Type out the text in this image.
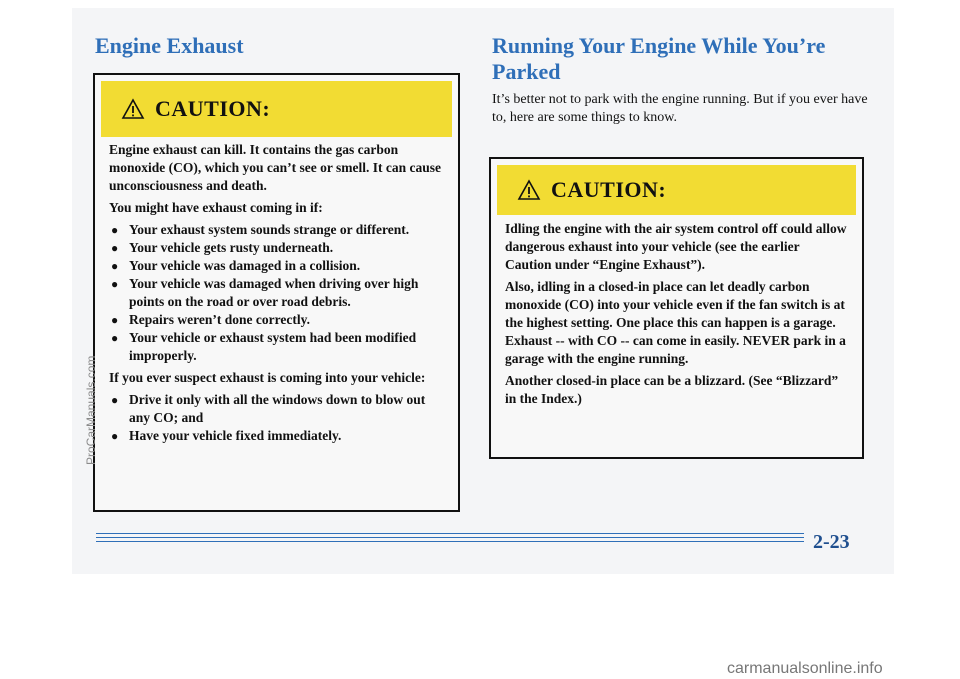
Engine Exhaust
CAUTION:

Engine exhaust can kill. It contains the gas carbon monoxide (CO), which you can’t see or smell. It can cause unconsciousness and death.

You might have exhaust coming in if:

● Your exhaust system sounds strange or different.
● Your vehicle gets rusty underneath.
● Your vehicle was damaged in a collision.
● Your vehicle was damaged when driving over high points on the road or over road debris.
● Repairs weren’t done correctly.
● Your vehicle or exhaust system had been modified improperly.

If you ever suspect exhaust is coming into your vehicle:

● Drive it only with all the windows down to blow out any CO; and
● Have your vehicle fixed immediately.
Running Your Engine While You’re Parked

It’s better not to park with the engine running. But if you ever have to, here are some things to know.

CAUTION:

Idling the engine with the air system control off could allow dangerous exhaust into your vehicle (see the earlier Caution under “Engine Exhaust”).

Also, idling in a closed-in place can let deadly carbon monoxide (CO) into your vehicle even if the fan switch is at the highest setting. One place this can happen is a garage. Exhaust -- with CO -- can come in easily. NEVER park in a garage with the engine running.

Another closed-in place can be a blizzard. (See “Blizzard” in the Index.)

2-23
ProCarManuals.com
carmanualsonline.info
